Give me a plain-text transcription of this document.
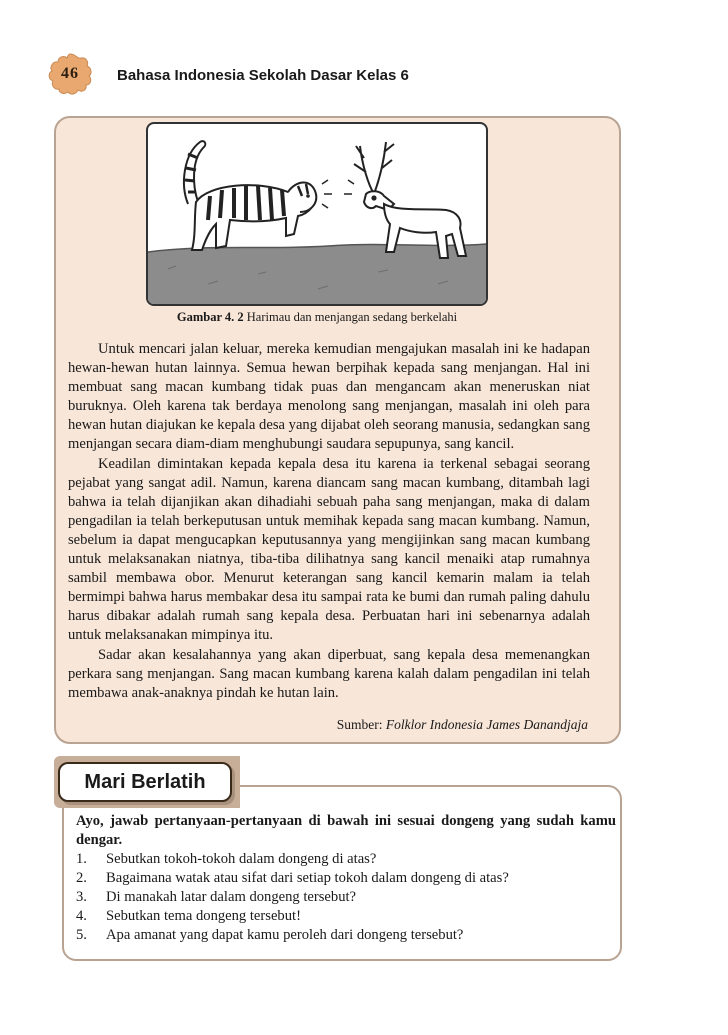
46	Bahasa Indonesia Sekolah Dasar Kelas 6
Gambar 4. 2 Harimau dan menjangan sedang berkelahi

Untuk mencari jalan keluar, mereka kemudian mengajukan masalah ini ke hadapan hewan-hewan hutan lainnya. Semua hewan berpihak kepada sang menjangan. Hal ini membuat sang macan kumbang tidak puas dan mengancam akan meneruskan niat buruknya. Oleh karena tak berdaya menolong sang menjangan, masalah ini oleh para hewan hutan diajukan ke kepala desa yang dijabat oleh seorang manusia, sedangkan sang menjangan secara diam-diam menghubungi saudara sepupunya, sang kancil.

Keadilan dimintakan kepada kepala desa itu karena ia terkenal sebagai seorang pejabat yang sangat adil. Namun, karena diancam sang macan kumbang, ditambah lagi bahwa ia telah dijanjikan akan dihadiahi sebuah paha sang menjangan, maka di dalam pengadilan ia telah berkeputusan untuk memihak kepada sang macan kumbang. Namun, sebelum ia dapat mengucapkan keputusannya yang mengijinkan sang macan kumbang untuk melaksanakan niatnya, tiba-tiba dilihatnya sang kancil menaiki atap rumahnya sambil membawa obor. Menurut keterangan sang kancil kemarin malam ia telah bermimpi bahwa harus membakar desa itu sampai rata ke bumi dan rumah paling dahulu harus dibakar adalah rumah sang kepala desa. Perbuatan hari ini sebenarnya adalah untuk melaksanakan mimpinya itu.

Sadar akan kesalahannya yang akan diperbuat, sang kepala desa memenangkan perkara sang menjangan. Sang macan kumbang karena kalah dalam pengadilan ini telah membawa anak-anaknya pindah ke hutan lain.

Sumber: Folklor Indonesia James Danandjaja
Mari Berlatih
Ayo, jawab pertanyaan-pertanyaan di bawah ini sesuai dongeng yang sudah kamu dengar.
1. Sebutkan tokoh-tokoh dalam dongeng di atas?
2. Bagaimana watak atau sifat dari setiap tokoh dalam dongeng di atas?
3. Di manakah latar dalam dongeng tersebut?
4. Sebutkan tema dongeng tersebut!
5. Apa amanat yang dapat kamu peroleh dari dongeng tersebut?
